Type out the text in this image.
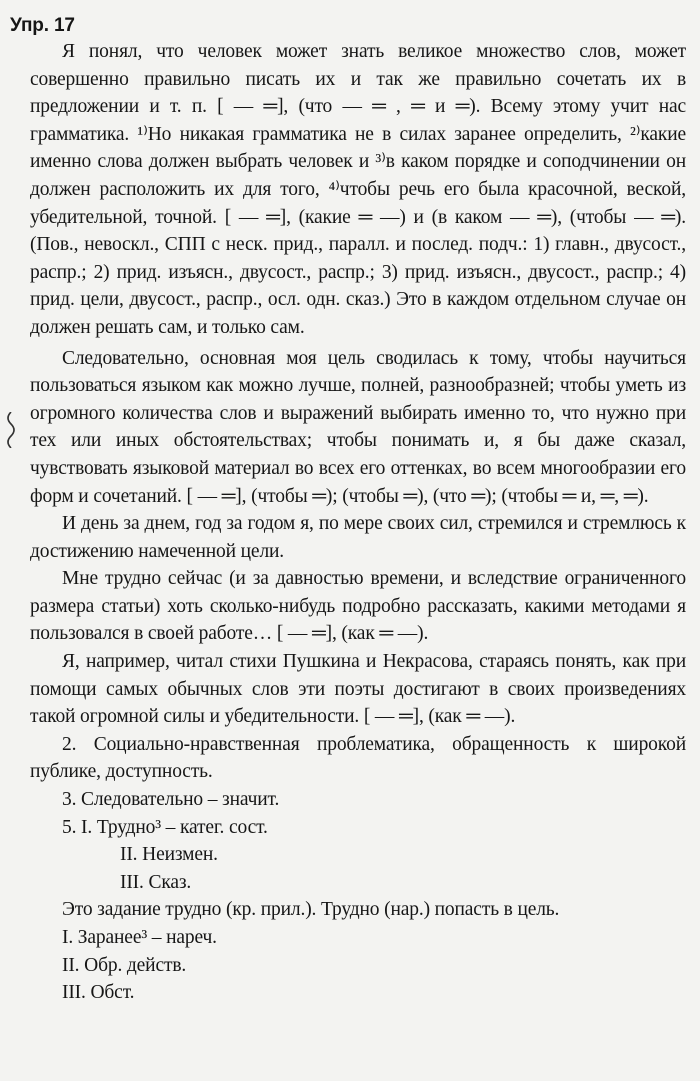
Упр. 17

Я понял, что человек может знать великое множество слов, может совершенно правильно писать их и так же правильно сочетать их в предложении и т. п. [ — ═], (что — ═ , ═ и ═). Всему этому учит нас грамматика. ¹⁾Но никакая грамматика не в силах заранее определить, ²⁾какие именно слова должен выбрать человек и ³⁾в каком порядке и соподчинении он должен расположить их для того, ⁴⁾чтобы речь его была красочной, веской, убедительной, точной. [ — ═], (какие ═ —) и (в каком — ═), (чтобы — ═). (Пов., невоскл., СПП с неск. прид., паралл. и послед. подч.: 1) главн., двусост., распр.; 2) прид. изъясн., двусост., распр.; 3) прид. изъясн., двусост., распр.; 4) прид. цели, двусост., распр., осл. одн. сказ.) Это в каждом отдельном случае он должен решать сам, и только сам.

Следовательно, основная моя цель сводилась к тому, чтобы научиться пользоваться языком как можно лучше, полней, разнообразней; чтобы уметь из огромного количества слов и выражений выбирать именно то, что нужно при тех или иных обстоятельствах; чтобы понимать и, я бы даже сказал, чувствовать языковой материал во всех его оттенках, во всем многообразии его форм и сочетаний. [ — ═], (чтобы ═); (чтобы ═), (что ═); (чтобы ═ и, ═, ═).

И день за днем, год за годом я, по мере своих сил, стремился и стремлюсь к достижению намеченной цели.

Мне трудно сейчас (и за давностью времени, и вследствие ограниченного размера статьи) хоть сколько-нибудь подробно рассказать, какими методами я пользовался в своей работе… [ — ═], (как ═ —).

Я, например, читал стихи Пушкина и Некрасова, стараясь понять, как при помощи самых обычных слов эти поэты достигают в своих произведениях такой огромной силы и убедительности. [ — ═], (как ═ —).

2. Социально-нравственная проблематика, обращенность к широкой публике, доступность.

3. Следовательно – значит.
5. I. Трудно³ – катег. сост.
II. Неизмен.
III. Сказ.
Это задание трудно (кр. прил.). Трудно (нар.) попасть в цель.
I. Заранее³ – нареч.
II. Обр. действ.
III. Обст.
